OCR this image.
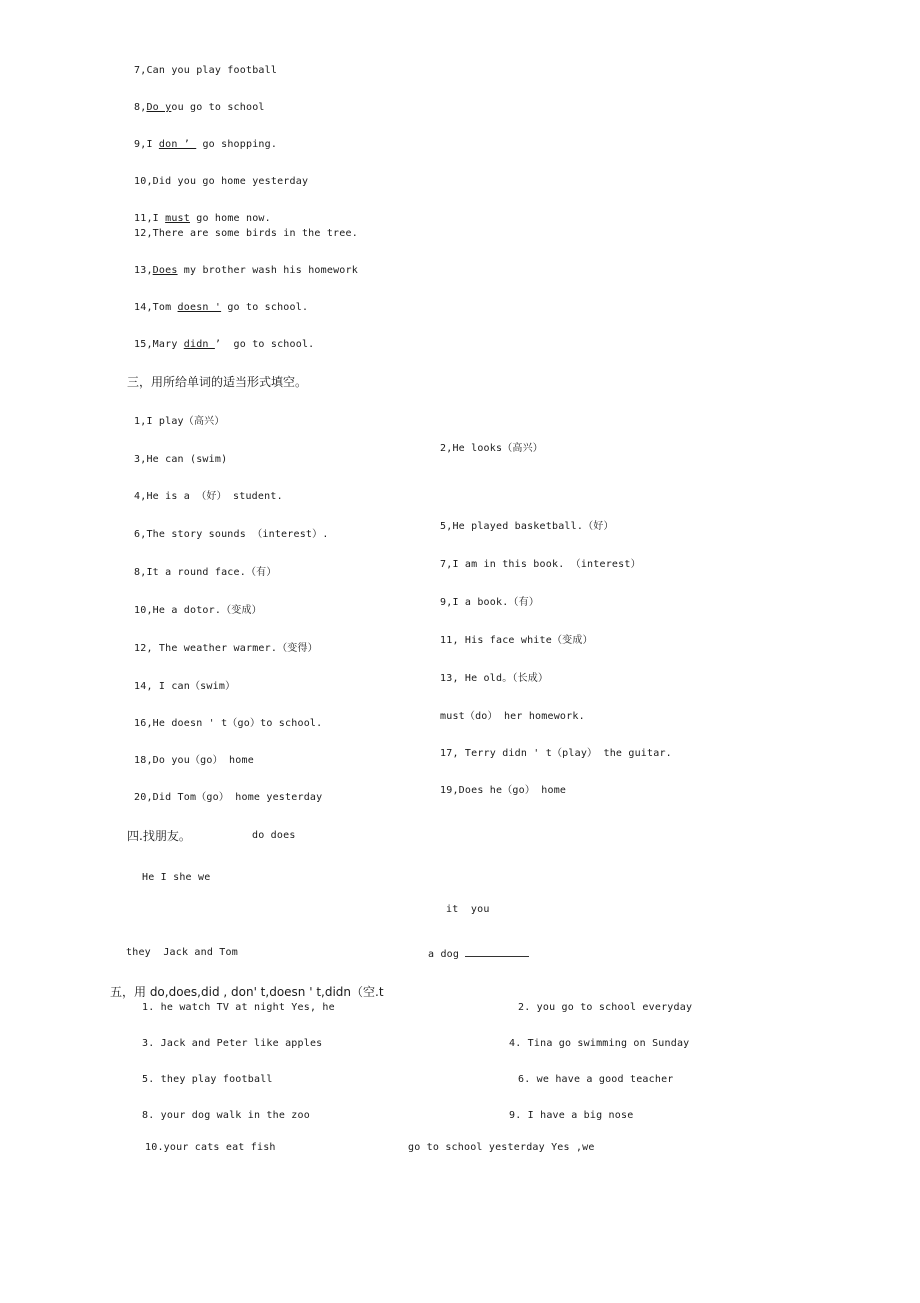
7,Can you play football
8,Do you go to school
9,I don ’  go shopping.
10,Did you go home yesterday
11,I must go home now.
12,There are some birds in the tree.
13,Does my brother wash his homework
14,Tom doesn ' go to school.
15,Mary didn ’  go to school.
三，用所给单词的适当形式填空。
1,I play（高兴）
2,He looks（高兴）
3,He can (swim)
4,He is a （好） student.
5,He played basketball.（好）
6,The story sounds （interest）.
7,I am in this book. （interest）
8,It a round face.（有）
9,I a book.（有）
10,He a dotor.（变成）
11, His face white（变成）
12, The weather warmer.（变得）
13, He old。（长成）
14, I can（swim）
must（do） her homework.
16,He doesn ' t（go）to school.
17, Terry didn ' t（play） the guitar.
18,Do you（go） home
19,Does he（go） home
20,Did Tom（go） home yesterday
四.找朋友。	do does
He I she we
it  you
they  Jack and Tom	a dog
五，用 do,does,did , don' t,doesn ' t,didn（空.t
1. he watch TV at night Yes, he	2. you go to school everyday
3. Jack and Peter like apples	4. Tina go swimming on Sunday
5. they play football	6. we have a good teacher
8. your dog walk in the zoo	9. I have a big nose
10.your cats eat fish	go to school yesterday Yes ,we
